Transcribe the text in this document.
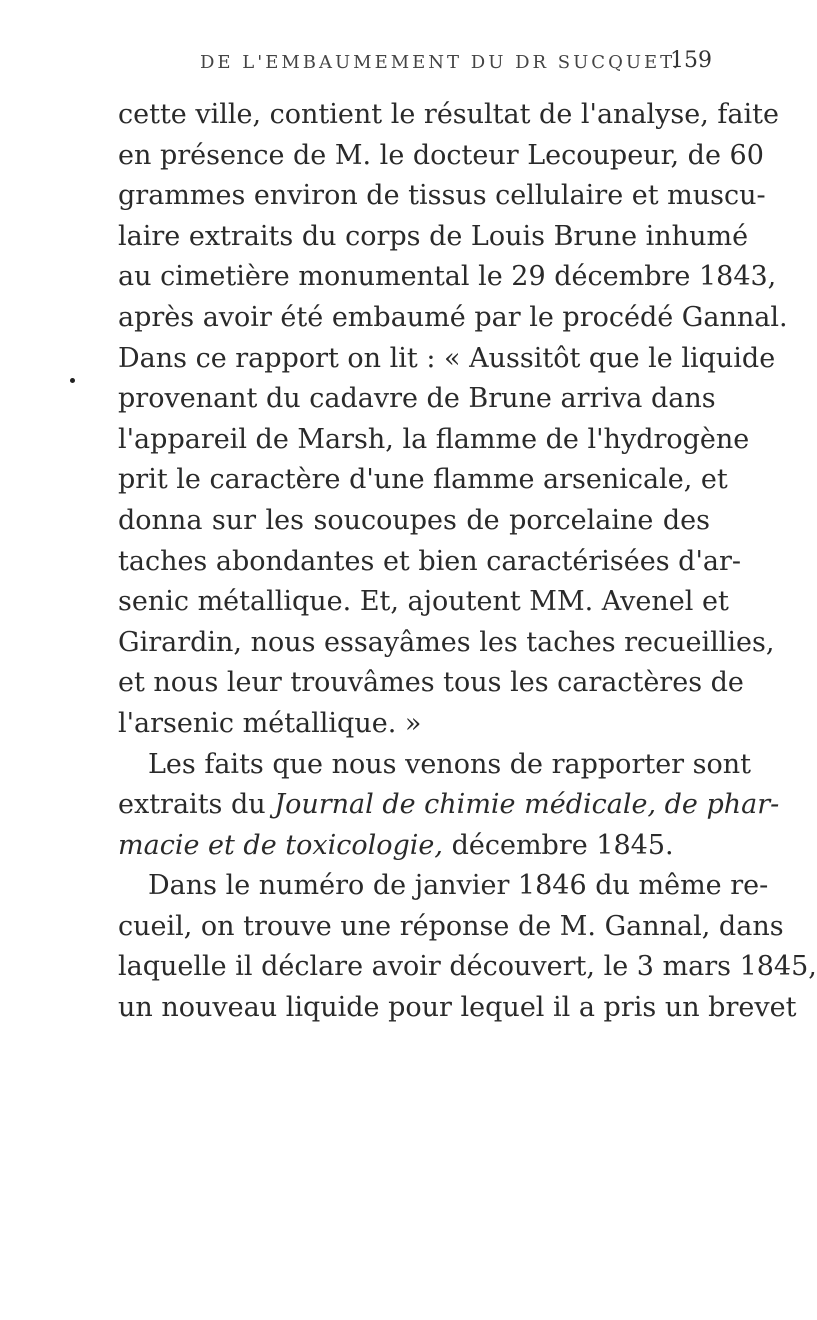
DE L'EMBAUMEMENT DU DR SUCQUET.
159
cette ville, contient le résultat de l'analyse, faite
en présence de M. le docteur Lecoupeur, de 60
grammes environ de tissus cellulaire et muscu-
laire extraits du corps de Louis Brune inhumé
au cimetière monumental le 29 décembre 1843,
après avoir été embaumé par le procédé Gannal.
Dans ce rapport on lit : « Aussitôt que le liquide
provenant du cadavre de Brune arriva dans
l'appareil de Marsh, la flamme de l'hydrogène
prit le caractère d'une flamme arsenicale, et
donna sur les soucoupes de porcelaine des
taches abondantes et bien caractérisées d'ar-
senic métallique. Et, ajoutent MM. Avenel et
Girardin, nous essayâmes les taches recueillies,
et nous leur trouvâmes tous les caractères de
l'arsenic métallique. »
Les faits que nous venons de rapporter sont
extraits du Journal de chimie médicale, de phar-
macie et de toxicologie, décembre 1845.
Dans le numéro de janvier 1846 du même re-
cueil, on trouve une réponse de M. Gannal, dans
laquelle il déclare avoir découvert, le 3 mars 1845,
un nouveau liquide pour lequel il a pris un brevet
